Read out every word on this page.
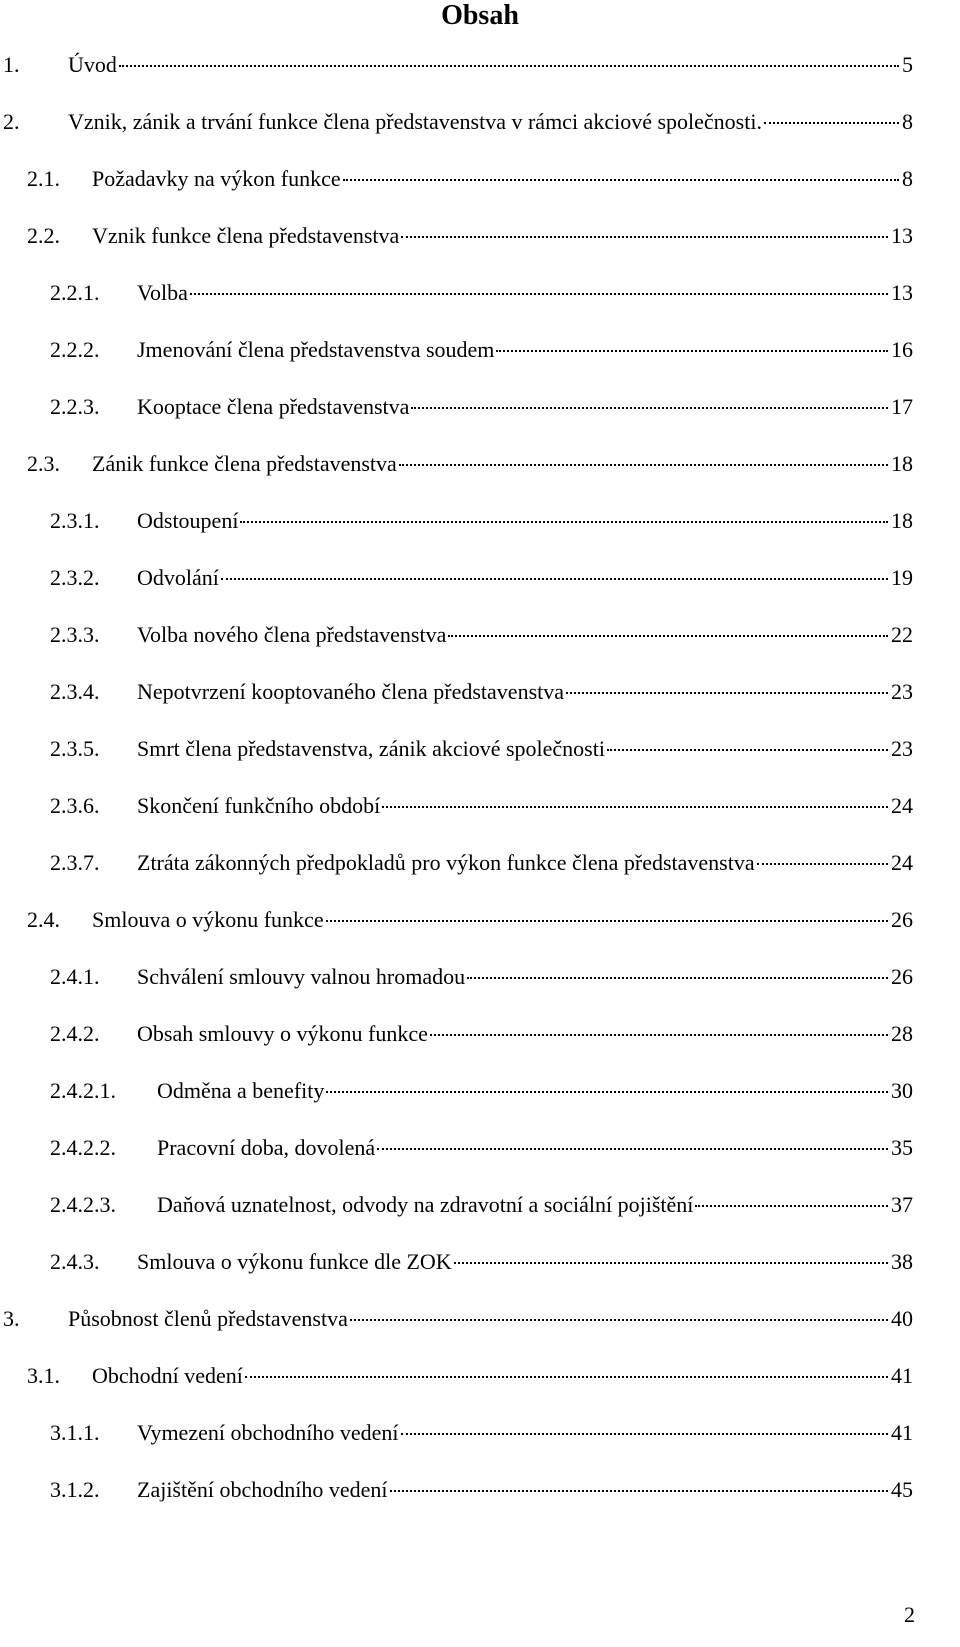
Obsah
1. Úvod	5
2. Vznik, zánik a trvání funkce člena představenstva v rámci akciové společnosti.	8
2.1. Požadavky na výkon funkce	8
2.2. Vznik funkce člena představenstva	13
2.2.1. Volba	13
2.2.2. Jmenování člena představenstva soudem	16
2.2.3. Kooptace člena představenstva	17
2.3. Zánik funkce člena představenstva	18
2.3.1. Odstoupení	18
2.3.2. Odvolání	19
2.3.3. Volba nového člena představenstva	22
2.3.4. Nepotvrzení kooptovaného člena představenstva	23
2.3.5. Smrt člena představenstva, zánik akciové společnosti	23
2.3.6. Skončení funkčního období	24
2.3.7. Ztráta zákonných předpokladů pro výkon funkce člena představenstva	24
2.4. Smlouva o výkonu funkce	26
2.4.1. Schválení smlouvy valnou hromadou	26
2.4.2. Obsah smlouvy o výkonu funkce	28
2.4.2.1. Odměna a benefity	30
2.4.2.2. Pracovní doba, dovolená	35
2.4.2.3. Daňová uznatelnost, odvody na zdravotní a sociální pojištění	37
2.4.3. Smlouva o výkonu funkce dle ZOK	38
3. Působnost členů představenstva	40
3.1. Obchodní vedení	41
3.1.1. Vymezení obchodního vedení	41
3.1.2. Zajištění obchodního vedení	45
2
